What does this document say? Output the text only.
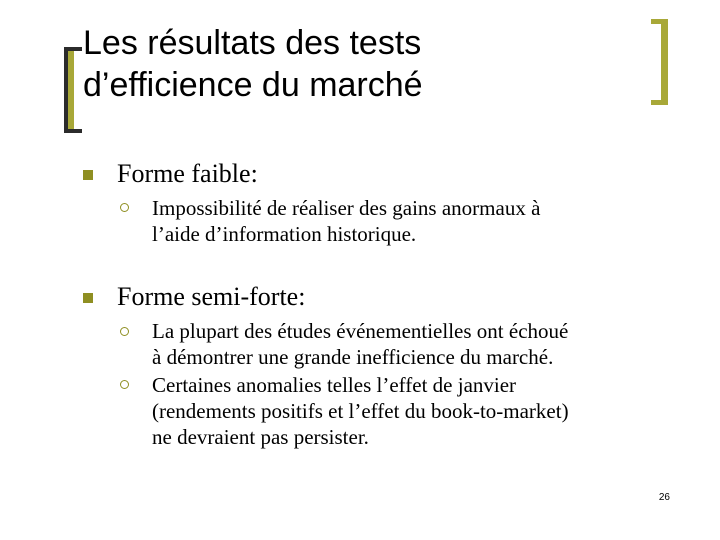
Les résultats des tests
d’efficience du marché
Forme faible:
Impossibilité de réaliser des gains anormaux à
l’aide d’information historique.
Forme semi-forte:
La plupart des études événementielles ont échoué
à démontrer une grande inefficience du marché.
Certaines anomalies telles l’effet de janvier
(rendements positifs et l’effet du book-to-market)
ne devraient pas persister.
26
